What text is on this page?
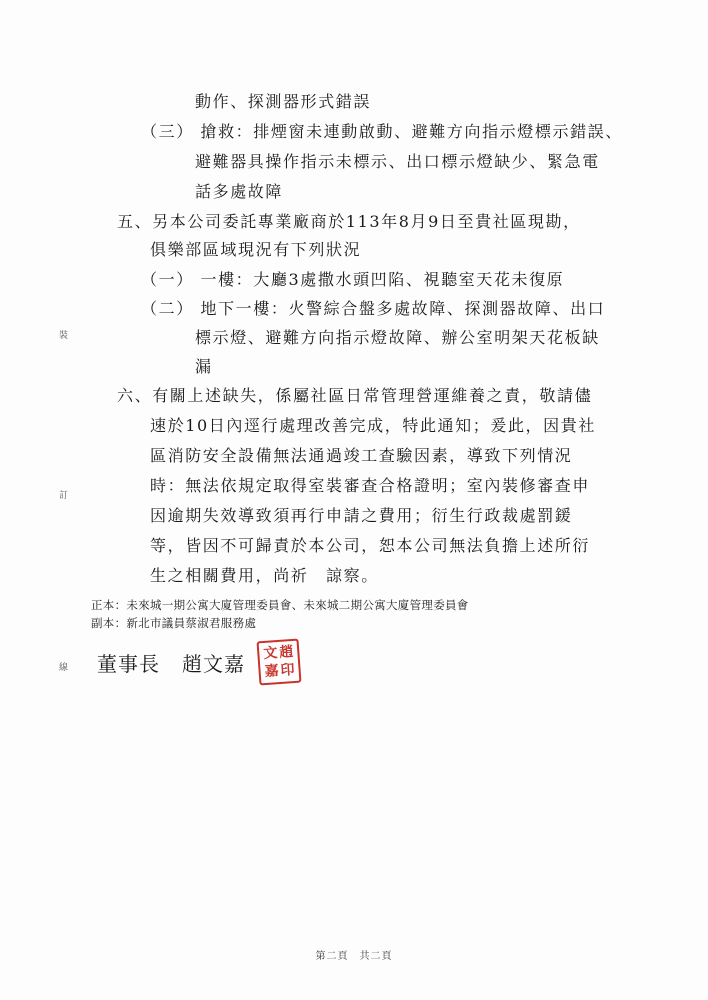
裝
訂
線
動作、探測器形式錯誤
（三） 搶救：排煙窗未連動啟動、避難方向指示燈標示錯誤、
避難器具操作指示未標示、出口標示燈缺少、緊急電
話多處故障
五、另本公司委託專業廠商於113年8月9日至貴社區現勘，
俱樂部區域現況有下列狀況
（一） 一樓：大廳3處撒水頭凹陷、視聽室天花未復原
（二） 地下一樓：火警綜合盤多處故障、探測器故障、出口
標示燈、避難方向指示燈故障、辦公室明架天花板缺
漏
六、有關上述缺失，係屬社區日常管理營運維養之責，敬請儘
速於10日內逕行處理改善完成，特此通知；爰此，因貴社
區消防安全設備無法通過竣工查驗因素，導致下列情況
時：無法依規定取得室裝審查合格證明；室內裝修審查申
因逾期失效導致須再行申請之費用；衍生行政裁處罰鍰
等，皆因不可歸責於本公司，恕本公司無法負擔上述所衍
生之相關費用，尚祈　諒察。
正本：未來城一期公寓大廈管理委員會、未來城二期公寓大廈管理委員會
副本：新北市議員蔡淑君服務處
董事長 趙文嘉 趙
印
文
嘉
第二頁　共二頁
